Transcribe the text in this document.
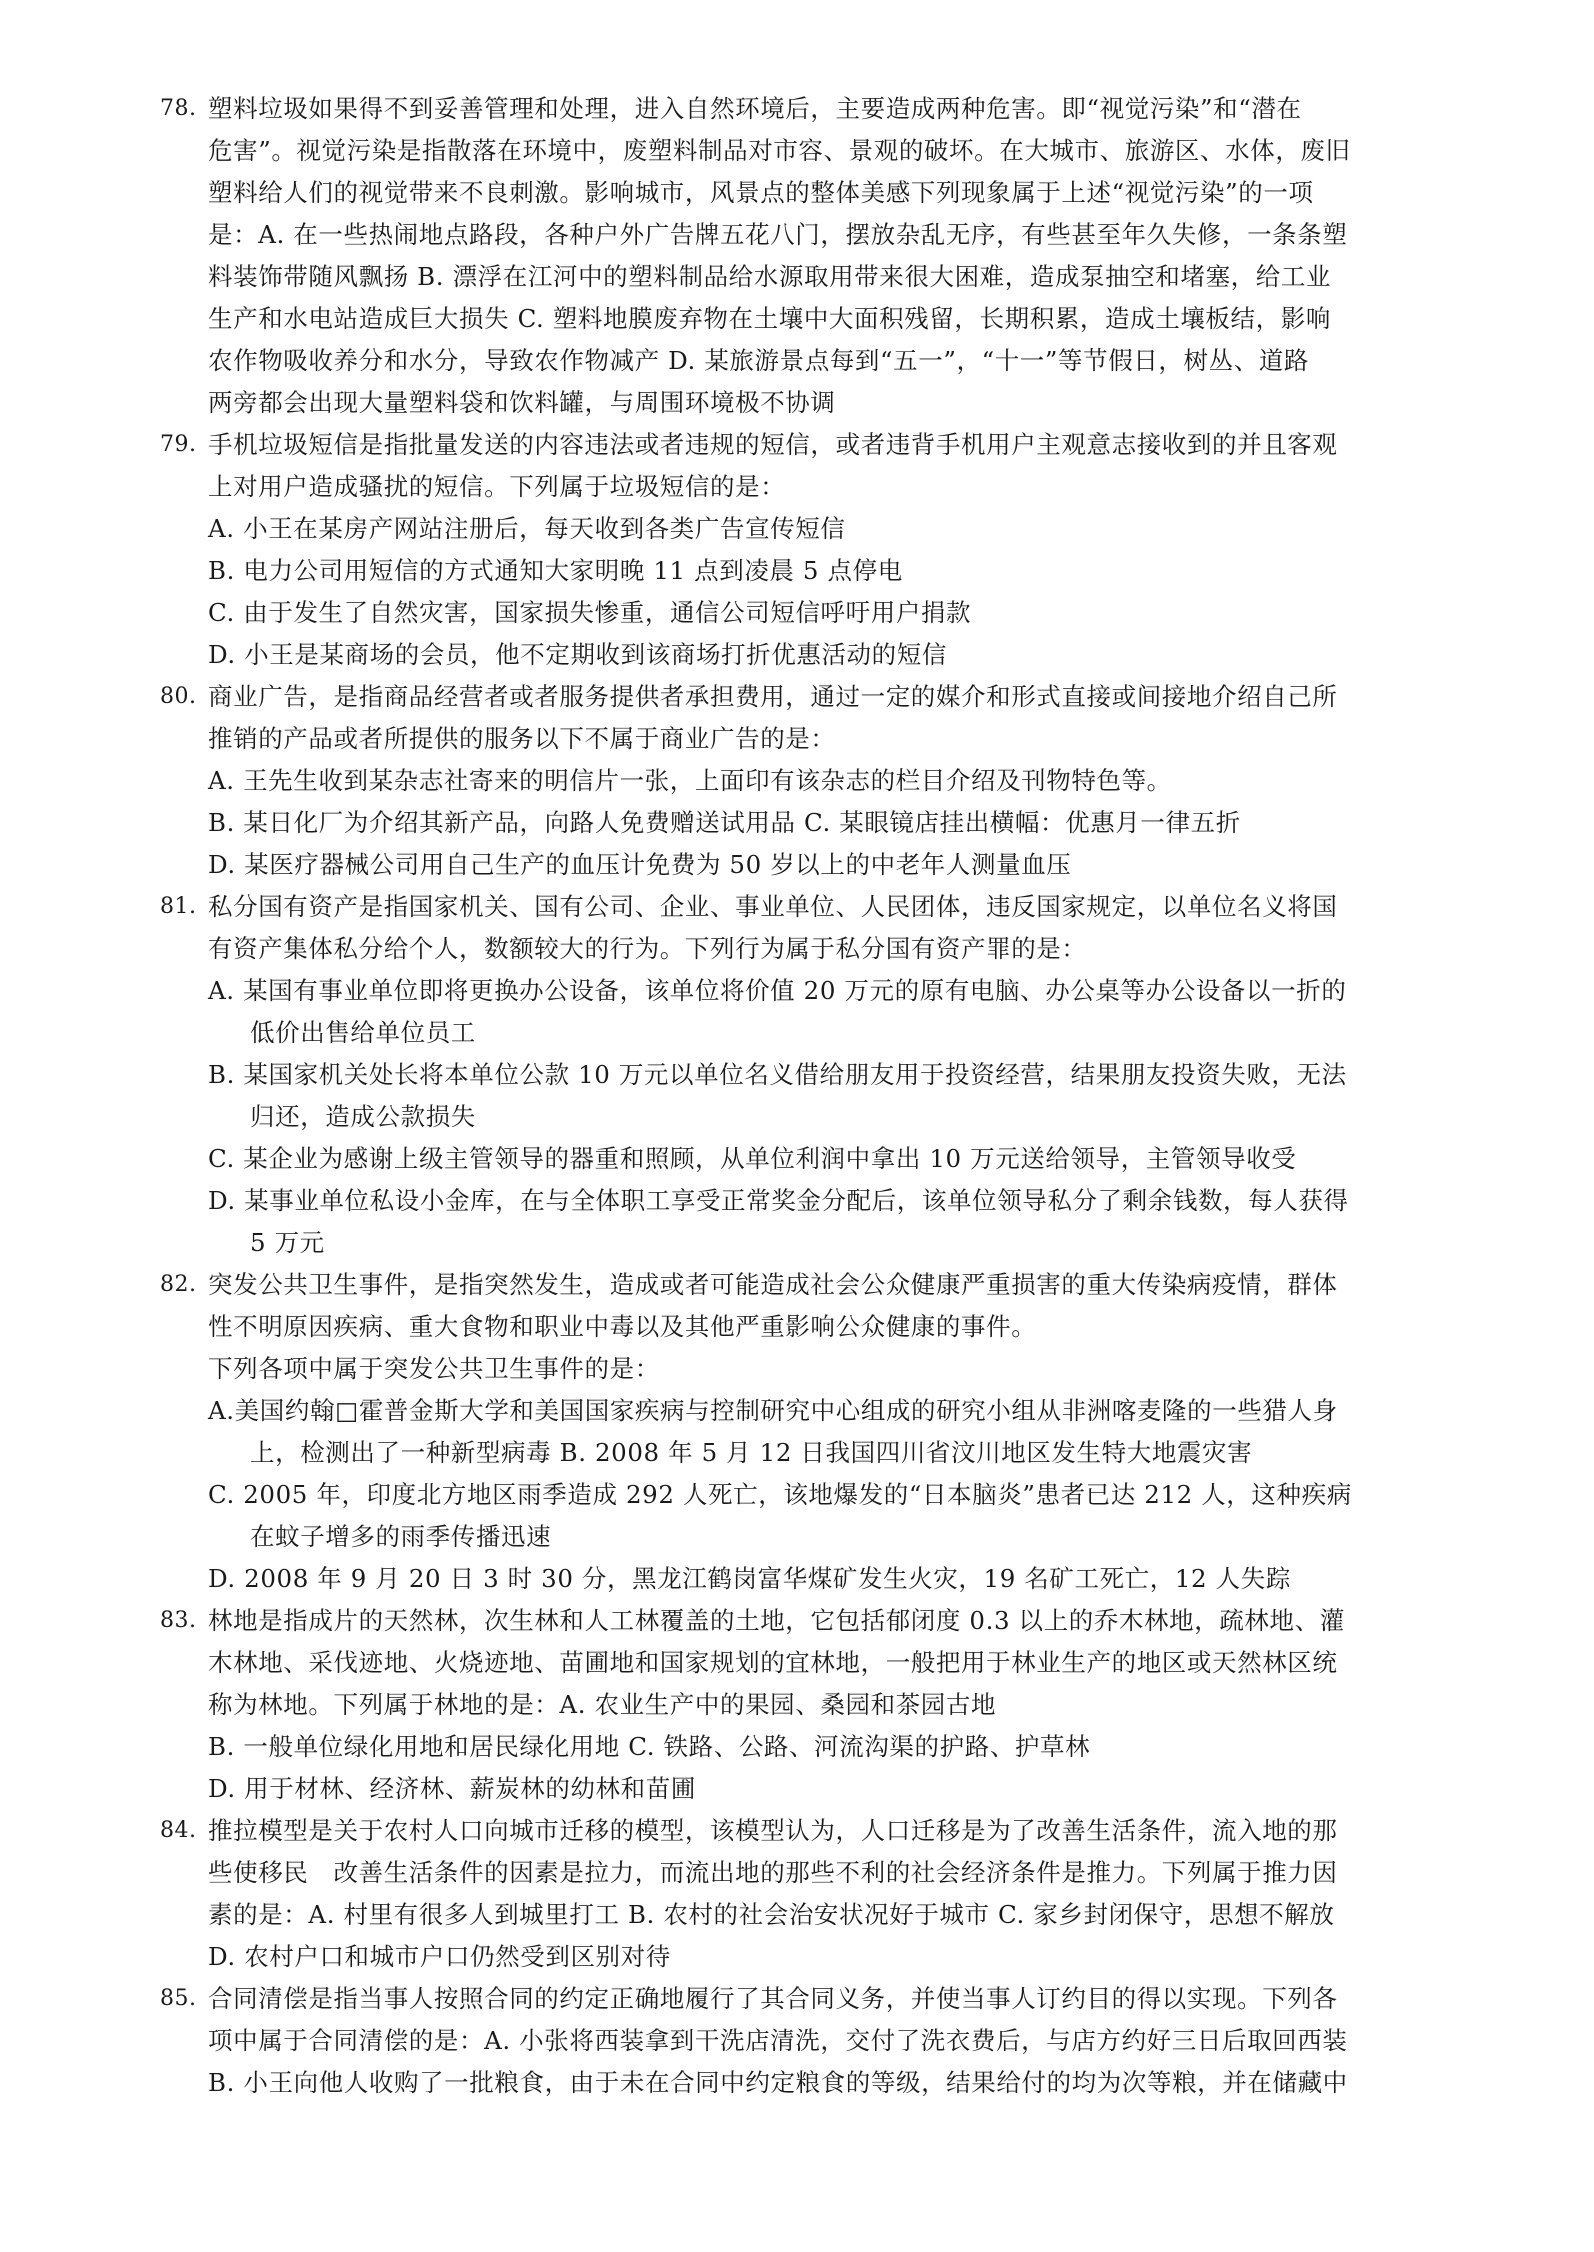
78. 塑料垃圾如果得不到妥善管理和处理，进入自然环境后，主要造成两种危害。即“视觉污染”和“潜在
危害”。视觉污染是指散落在环境中，废塑料制品对市容、景观的破坏。在大城市、旅游区、水体，废旧
塑料给人们的视觉带来不良刺激。影响城市，风景点的整体美感下列现象属于上述“视觉污染”的一项
是：A. 在一些热闹地点路段，各种户外广告牌五花八门，摆放杂乱无序，有些甚至年久失修，一条条塑
料装饰带随风飘扬 B. 漂浮在江河中的塑料制品给水源取用带来很大困难，造成泵抽空和堵塞，给工业
生产和水电站造成巨大损失 C. 塑料地膜废弃物在土壤中大面积残留，长期积累，造成土壤板结，影响
农作物吸收养分和水分，导致农作物减产 D. 某旅游景点每到“五一”，“十一”等节假日，树丛、道路
两旁都会出现大量塑料袋和饮料罐，与周围环境极不协调
79. 手机垃圾短信是指批量发送的内容违法或者违规的短信，或者违背手机用户主观意志接收到的并且客观
上对用户造成骚扰的短信。下列属于垃圾短信的是：
A. 小王在某房产网站注册后，每天收到各类广告宣传短信
B. 电力公司用短信的方式通知大家明晚 11 点到凌晨 5 点停电
C. 由于发生了自然灾害，国家损失惨重，通信公司短信呼吁用户捐款
D. 小王是某商场的会员，他不定期收到该商场打折优惠活动的短信
80. 商业广告，是指商品经营者或者服务提供者承担费用，通过一定的媒介和形式直接或间接地介绍自己所
推销的产品或者所提供的服务以下不属于商业广告的是：
A. 王先生收到某杂志社寄来的明信片一张，上面印有该杂志的栏目介绍及刊物特色等。
B. 某日化厂为介绍其新产品，向路人免费赠送试用品 C. 某眼镜店挂出横幅：优惠月一律五折
D. 某医疗器械公司用自己生产的血压计免费为 50 岁以上的中老年人测量血压
81. 私分国有资产是指国家机关、国有公司、企业、事业单位、人民团体，违反国家规定，以单位名义将国
有资产集体私分给个人，数额较大的行为。下列行为属于私分国有资产罪的是：
A. 某国有事业单位即将更换办公设备，该单位将价值 20 万元的原有电脑、办公桌等办公设备以一折的
低价出售给单位员工
B. 某国家机关处长将本单位公款 10 万元以单位名义借给朋友用于投资经营，结果朋友投资失败，无法
归还，造成公款损失
C. 某企业为感谢上级主管领导的器重和照顾，从单位利润中拿出 10 万元送给领导，主管领导收受
D. 某事业单位私设小金库，在与全体职工享受正常奖金分配后，该单位领导私分了剩余钱数，每人获得
5 万元
82. 突发公共卫生事件，是指突然发生，造成或者可能造成社会公众健康严重损害的重大传染病疫情，群体
性不明原因疾病、重大食物和职业中毒以及其他严重影响公众健康的事件。
下列各项中属于突发公共卫生事件的是：
A.美国约翰□霍普金斯大学和美国国家疾病与控制研究中心组成的研究小组从非洲喀麦隆的一些猎人身
上，检测出了一种新型病毒 B. 2008 年 5 月 12 日我国四川省汶川地区发生特大地震灾害
C. 2005 年，印度北方地区雨季造成 292 人死亡，该地爆发的“日本脑炎”患者已达 212 人，这种疾病
在蚊子增多的雨季传播迅速
D. 2008 年 9 月 20 日 3 时 30 分，黑龙江鹤岗富华煤矿发生火灾，19 名矿工死亡，12 人失踪
83. 林地是指成片的天然林，次生林和人工林覆盖的土地，它包括郁闭度 0.3 以上的乔木林地，疏林地、灌
木林地、采伐迹地、火烧迹地、苗圃地和国家规划的宜林地，一般把用于林业生产的地区或天然林区统
称为林地。下列属于林地的是：A. 农业生产中的果园、桑园和茶园古地
B. 一般单位绿化用地和居民绿化用地 C. 铁路、公路、河流沟渠的护路、护草林
D. 用于材林、经济林、薪炭林的幼林和苗圃
84. 推拉模型是关于农村人口向城市迁移的模型，该模型认为，人口迁移是为了改善生活条件，流入地的那
些使移民　改善生活条件的因素是拉力，而流出地的那些不利的社会经济条件是推力。下列属于推力因
素的是：A. 村里有很多人到城里打工 B. 农村的社会治安状况好于城市 C. 家乡封闭保守，思想不解放
D. 农村户口和城市户口仍然受到区别对待
85. 合同清偿是指当事人按照合同的约定正确地履行了其合同义务，并使当事人订约目的得以实现。下列各
项中属于合同清偿的是：A. 小张将西装拿到干洗店清洗，交付了洗衣费后，与店方约好三日后取回西装
B. 小王向他人收购了一批粮食，由于未在合同中约定粮食的等级，结果给付的均为次等粮，并在储藏中
